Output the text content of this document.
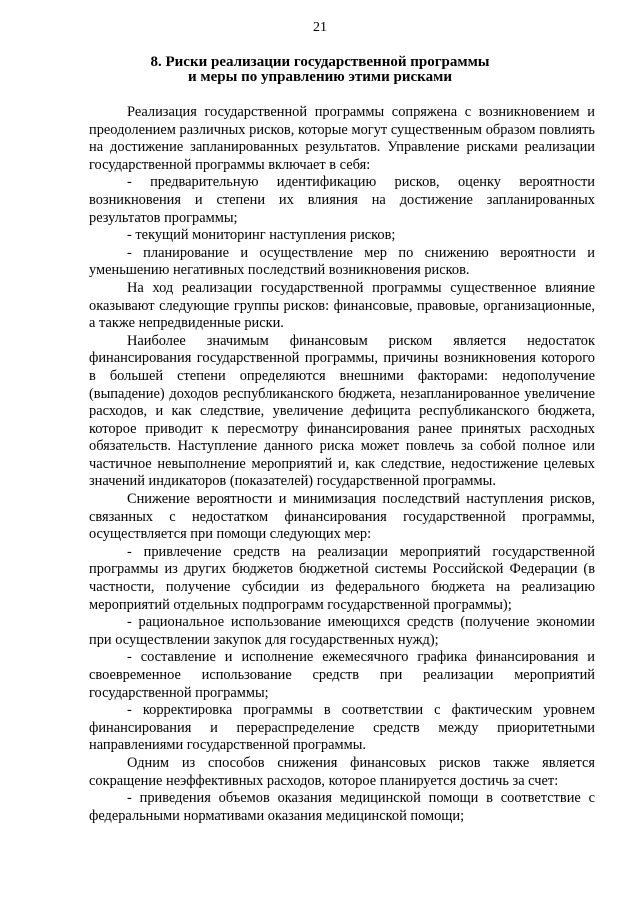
21
8. Риски реализации государственной программы
и меры по управлению этими рисками

Реализация государственной программы сопряжена с возникновением и преодолением различных рисков, которые могут существенным образом повлиять на достижение запланированных результатов. Управление рисками реализации государственной программы включает в себя:

- предварительную идентификацию рисков, оценку вероятности возникновения и степени их влияния на достижение запланированных результатов программы;

- текущий мониторинг наступления рисков;

- планирование и осуществление мер по снижению вероятности и уменьшению негативных последствий возникновения рисков.

На ход реализации государственной программы существенное влияние оказывают следующие группы рисков: финансовые, правовые, организационные, а также непредвиденные риски.

Наиболее значимым финансовым риском является недостаток финансирования государственной программы, причины возникновения которого в большей степени определяются внешними факторами: недополучение (выпадение) доходов республиканского бюджета, незапланированное увеличение расходов, и как следствие, увеличение дефицита республиканского бюджета, которое приводит к пересмотру финансирования ранее принятых расходных обязательств. Наступление данного риска может повлечь за собой полное или частичное невыполнение мероприятий и, как следствие, недостижение целевых значений индикаторов (показателей) государственной программы.

Снижение вероятности и минимизация последствий наступления рисков, связанных с недостатком финансирования государственной программы, осуществляется при помощи следующих мер:

- привлечение средств на реализации мероприятий государственной программы из других бюджетов бюджетной системы Российской Федерации (в частности, получение субсидии из федерального бюджета на реализацию мероприятий отдельных подпрограмм государственной программы);

- рациональное использование имеющихся средств (получение экономии при осуществлении закупок для государственных нужд);

- составление и исполнение ежемесячного графика финансирования и своевременное использование средств при реализации мероприятий государственной программы;

- корректировка программы в соответствии с фактическим уровнем финансирования и перераспределение средств между приоритетными направлениями государственной программы.

Одним из способов снижения финансовых рисков также является сокращение неэффективных расходов, которое планируется достичь за счет:

- приведения объемов оказания медицинской помощи в соответствие с федеральными нормативами оказания медицинской помощи;
